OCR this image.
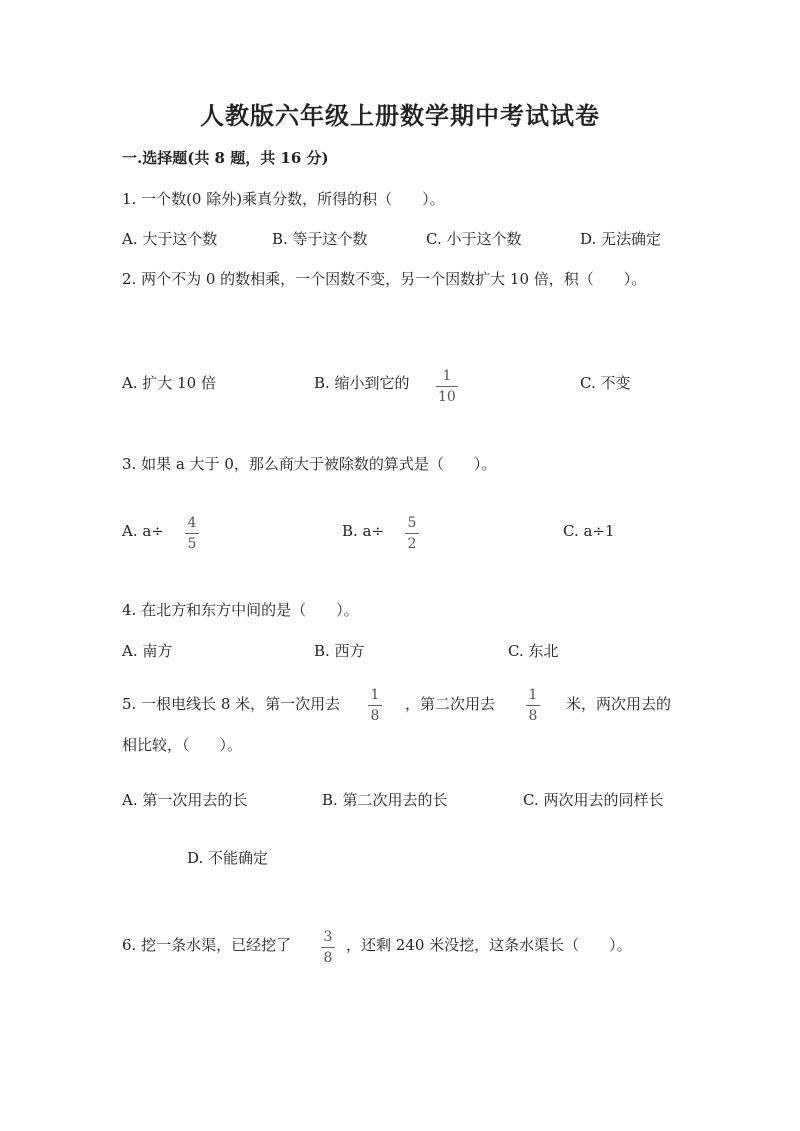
人教版六年级上册数学期中考试试卷
一.选择题(共 8 题，共 16 分)
1. 一个数(0 除外)乘真分数，所得的积（　　）。
A. 大于这个数	B. 等于这个数	C. 小于这个数	D. 无法确定
2. 两个不为 0 的数相乘，一个因数不变，另一个因数扩大 10 倍，积（　　）。
A. 扩大 10 倍	B. 缩小到它的 1
10
C. 不变
3. 如果 a 大于 0，那么商大于被除数的算式是（　　）。
A. a÷ 4
5
B. a÷ 5
2
C. a÷1
4. 在北方和东方中间的是（　　）。
A. 南方	B. 西方	C. 东北
5. 一根电线长 8 米，第一次用去 1
8
，第二次用去 1
8
米，两次用去的
相比较，（　　）。
A. 第一次用去的长	B. 第二次用去的长	C. 两次用去的同样长
D. 不能确定
6. 挖一条水渠，已经挖了 3
8
，还剩 240 米没挖，这条水渠长（　　）。
